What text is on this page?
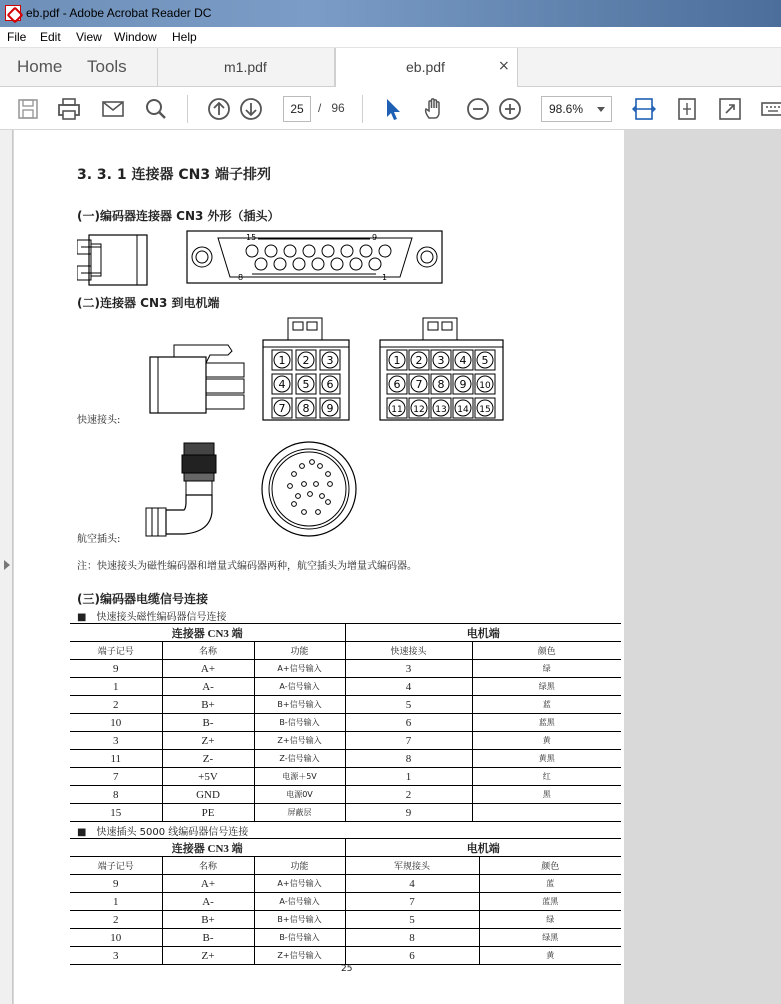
eb.pdf - Adobe Acrobat Reader DC
File Edit View Window Help
Home Tools	m1.pdf	eb.pdf	×
25	/ 96	98.6%
3. 3. 1 连接器 CN3 端子排列
(一)编码器连接器 CN3 外形（插头）
15	9
8	1
(二)连接器 CN3 到电机端
1 2 3
4 5 6
7 8 9
1 2 3 4 5
6 7 8 9 10
11 12 13 14 15
快速接头:
航空插头:
注：快速接头为磁性编码器和增量式编码器两种，航空插头为增量式编码器。
(三)编码器电缆信号连接
■　快速接头磁性编码器信号连接
连接器 CN3 端			电机端	
端子记号	名称	功能	快速接头	颜色
9	A+	A+信号输入	3	绿
1	A-	A-信号输入	4	绿黑
2	B+	B+信号输入	5	蓝
10	B-	B-信号输入	6	蓝黑
3	Z+	Z+信号输入	7	黄
11	Z-	Z-信号输入	8	黄黑
7	+5V	电源＋5V	1	红
8	GND	电源0V	2	黑
15	PE	屏蔽层	9	
■　快速插头 5000 线编码器信号连接
连接器 CN3 端			电机端	
端子记号	名称	功能	军规接头	颜色
9	A+	A+信号输入	4	蓝
1	A-	A-信号输入	7	蓝黑
2	B+	B+信号输入	5	绿
10	B-	B-信号输入	8	绿黑
3	Z+	Z+信号输入	6	黄
25
